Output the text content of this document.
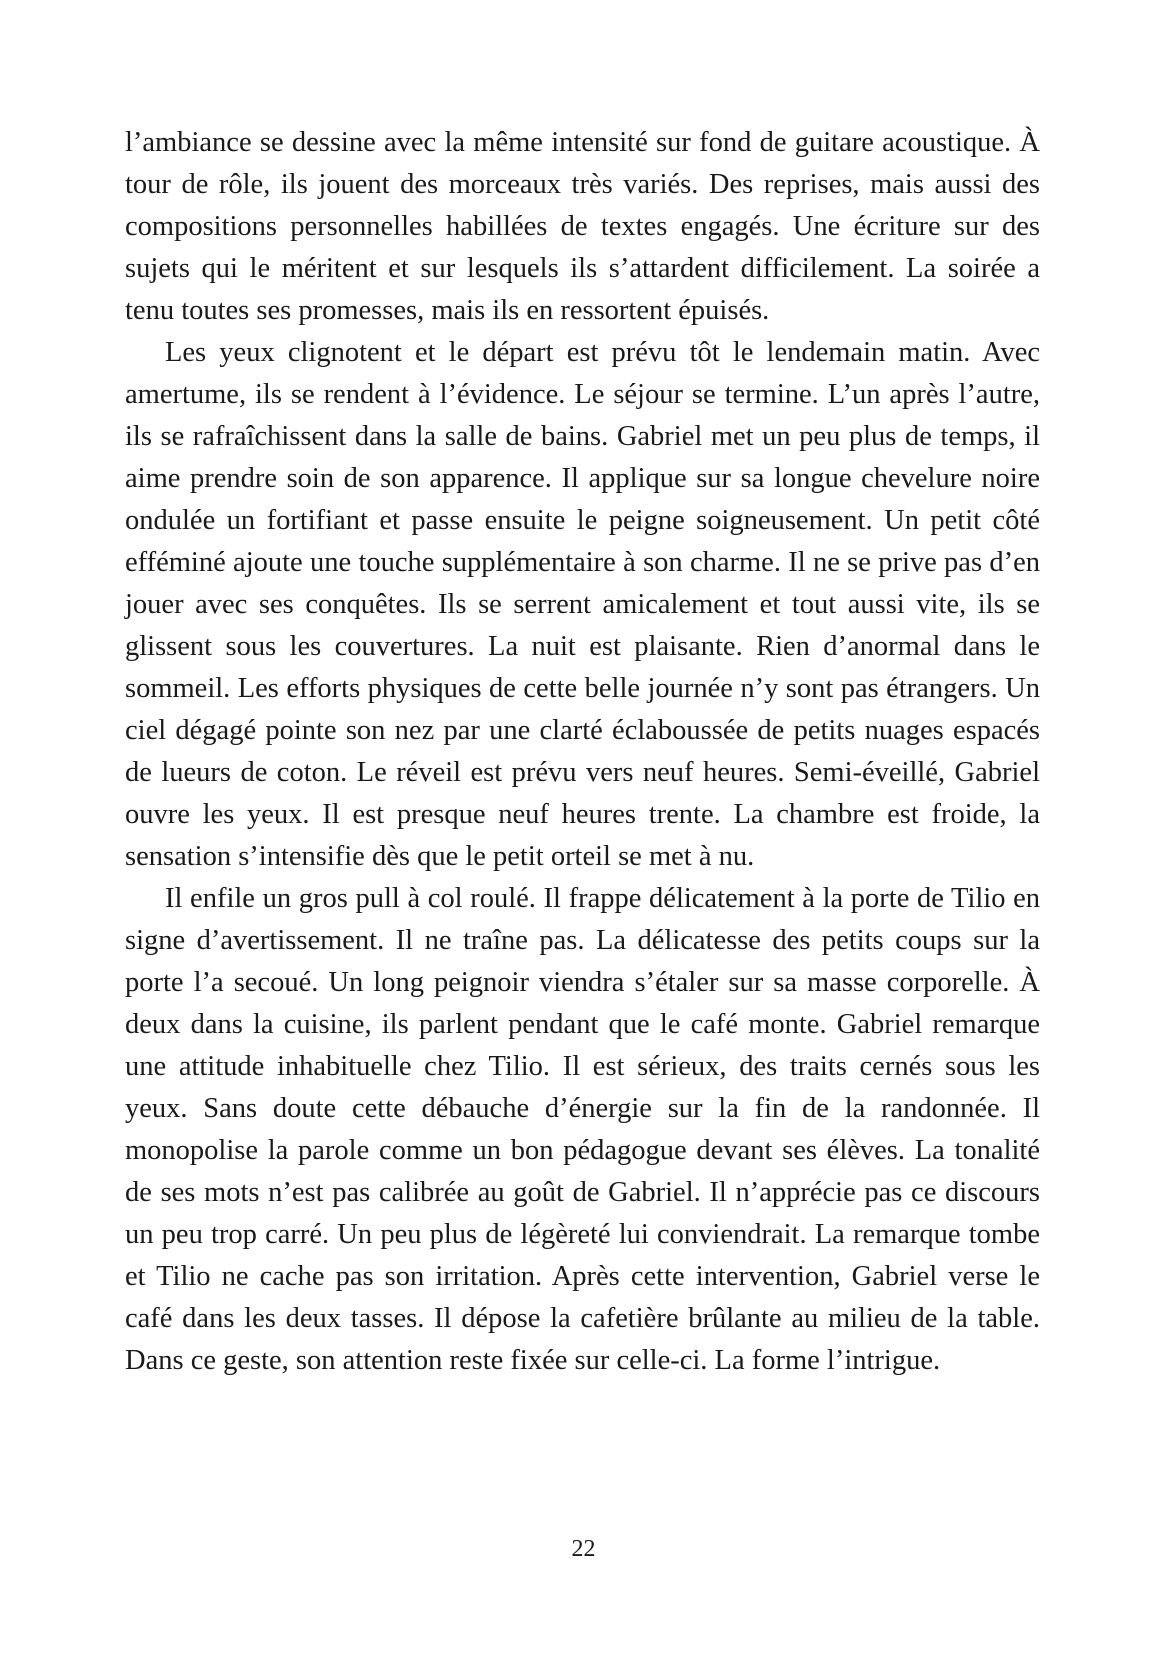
l’ambiance se dessine avec la même intensité sur fond de guitare acoustique. À tour de rôle, ils jouent des morceaux très variés. Des reprises, mais aussi des compositions personnelles habillées de textes engagés. Une écriture sur des sujets qui le méritent et sur lesquels ils s’attardent difficilement. La soirée a tenu toutes ses promesses, mais ils en ressortent épuisés.

Les yeux clignotent et le départ est prévu tôt le lendemain matin. Avec amertume, ils se rendent à l’évidence. Le séjour se termine. L’un après l’autre, ils se rafraîchissent dans la salle de bains. Gabriel met un peu plus de temps, il aime prendre soin de son apparence. Il applique sur sa longue chevelure noire ondulée un fortifiant et passe ensuite le peigne soigneusement. Un petit côté efféminé ajoute une touche supplémentaire à son charme. Il ne se prive pas d’en jouer avec ses conquêtes. Ils se serrent amicalement et tout aussi vite, ils se glissent sous les couvertures. La nuit est plaisante. Rien d’anormal dans le sommeil. Les efforts physiques de cette belle journée n’y sont pas étrangers. Un ciel dégagé pointe son nez par une clarté éclaboussée de petits nuages espacés de lueurs de coton. Le réveil est prévu vers neuf heures. Semi-éveillé, Gabriel ouvre les yeux. Il est presque neuf heures trente. La chambre est froide, la sensation s’intensifie dès que le petit orteil se met à nu.

Il enfile un gros pull à col roulé. Il frappe délicatement à la porte de Tilio en signe d’avertissement. Il ne traîne pas. La délicatesse des petits coups sur la porte l’a secoué. Un long peignoir viendra s’étaler sur sa masse corporelle. À deux dans la cuisine, ils parlent pendant que le café monte. Gabriel remarque une attitude inhabituelle chez Tilio. Il est sérieux, des traits cernés sous les yeux. Sans doute cette débauche d’énergie sur la fin de la randonnée. Il monopolise la parole comme un bon pédagogue devant ses élèves. La tonalité de ses mots n’est pas calibrée au goût de Gabriel. Il n’apprécie pas ce discours un peu trop carré. Un peu plus de légèreté lui conviendrait. La remarque tombe et Tilio ne cache pas son irritation. Après cette intervention, Gabriel verse le café dans les deux tasses. Il dépose la cafetière brûlante au milieu de la table. Dans ce geste, son attention reste fixée sur celle-ci. La forme l’intrigue.

22
